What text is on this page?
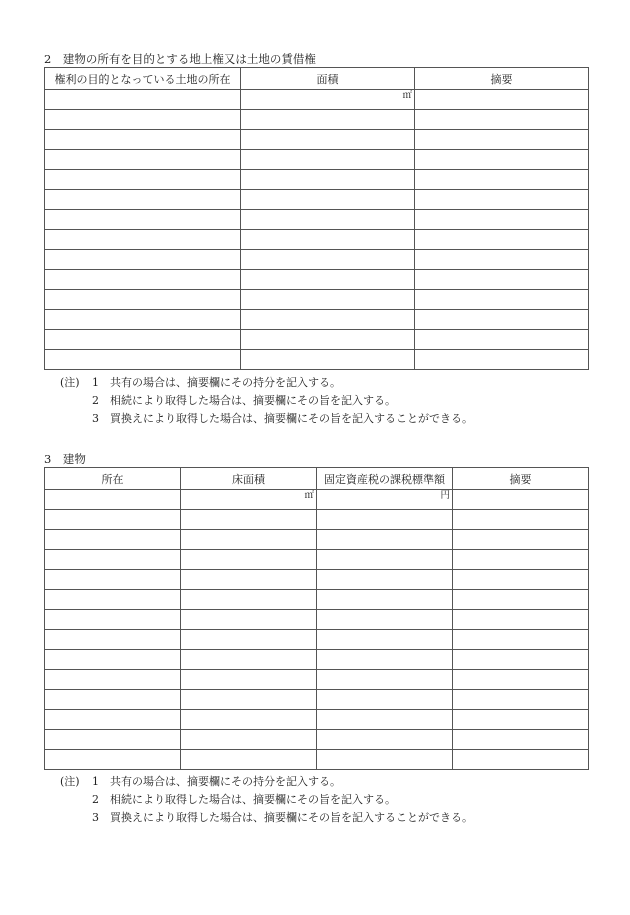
2　建物の所有を目的とする地上権又は土地の賃借権
権利の目的となっている土地の所在	面積	摘要
	㎡	

(注) 1 共有の場合は、摘要欄にその持分を記入する。
2 相続により取得した場合は、摘要欄にその旨を記入する。
3 買換えにより取得した場合は、摘要欄にその旨を記入することができる。
3　建物
所在	床面積	固定資産税の課税標準額	摘要
	㎡	円	

(注) 1 共有の場合は、摘要欄にその持分を記入する。
2 相続により取得した場合は、摘要欄にその旨を記入する。
3 買換えにより取得した場合は、摘要欄にその旨を記入することができる。
